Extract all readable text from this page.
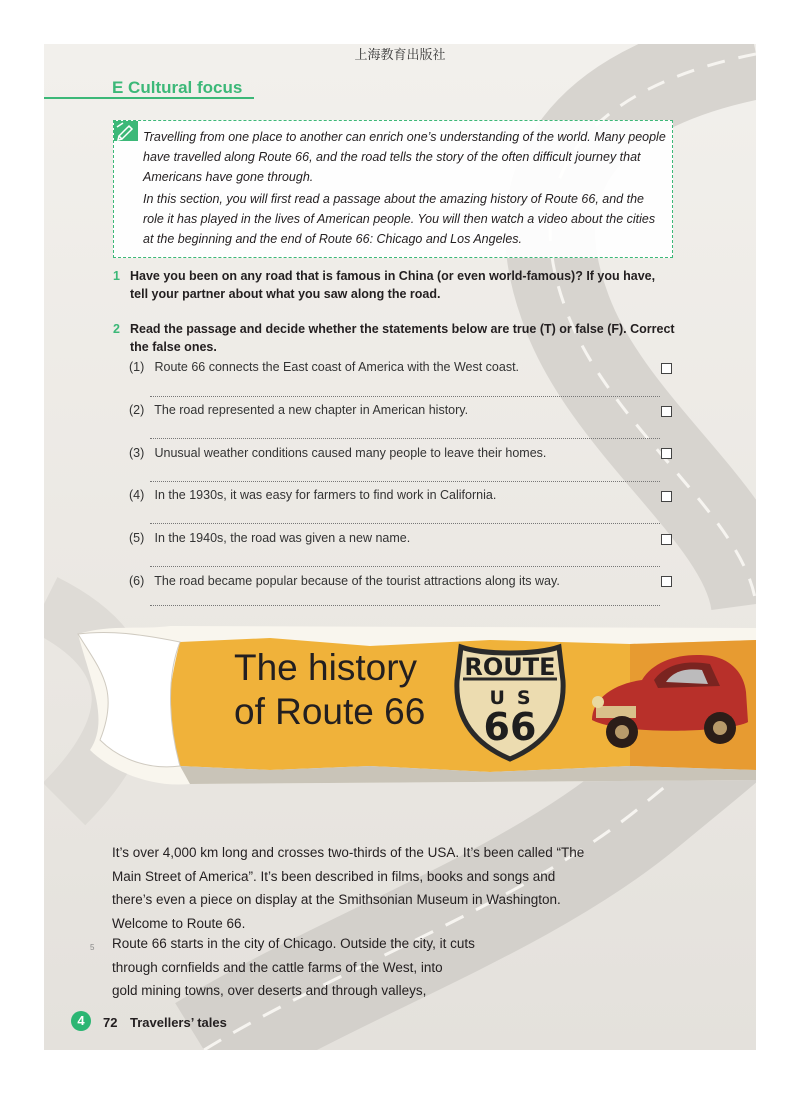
上海教育出版社
E Cultural focus

Travelling from one place to another can enrich one’s understanding of the world. Many people have travelled along Route 66, and the road tells the story of the often difficult journey that Americans have gone through.

In this section, you will first read a passage about the amazing history of Route 66, and the role it has played in the lives of American people. You will then watch a video about the cities at the beginning and the end of Route 66: Chicago and Los Angeles.

1 Have you been on any road that is famous in China (or even world-famous)? If you have, tell your partner about what you saw along the road.
2 Read the passage and decide whether the statements below are true (T) or false (F). Correct the false ones.
(1) Route 66 connects the East coast of America with the West coast.
(2) The road represented a new chapter in American history.
(3) Unusual weather conditions caused many people to leave their homes.
(4) In the 1930s, it was easy for farmers to find work in California.
(5) In the 1940s, the road was given a new name.
(6) The road became popular because of the tourist attractions along its way.
The history
of Route 66
ROUTE
US
66

It’s over 4,000 km long and crosses two-thirds of the USA. It’s been called “The
Main Street of America”. It’s been described in films, books and songs and
there’s even a piece on display at the Smithsonian Museum in Washington.
Welcome to Route 66.

5 Route 66 starts in the city of Chicago. Outside the city, it cuts
through cornfields and the cattle farms of the West, into
gold mining towns, over deserts and through valleys,

4	72 Travellers’ tales
